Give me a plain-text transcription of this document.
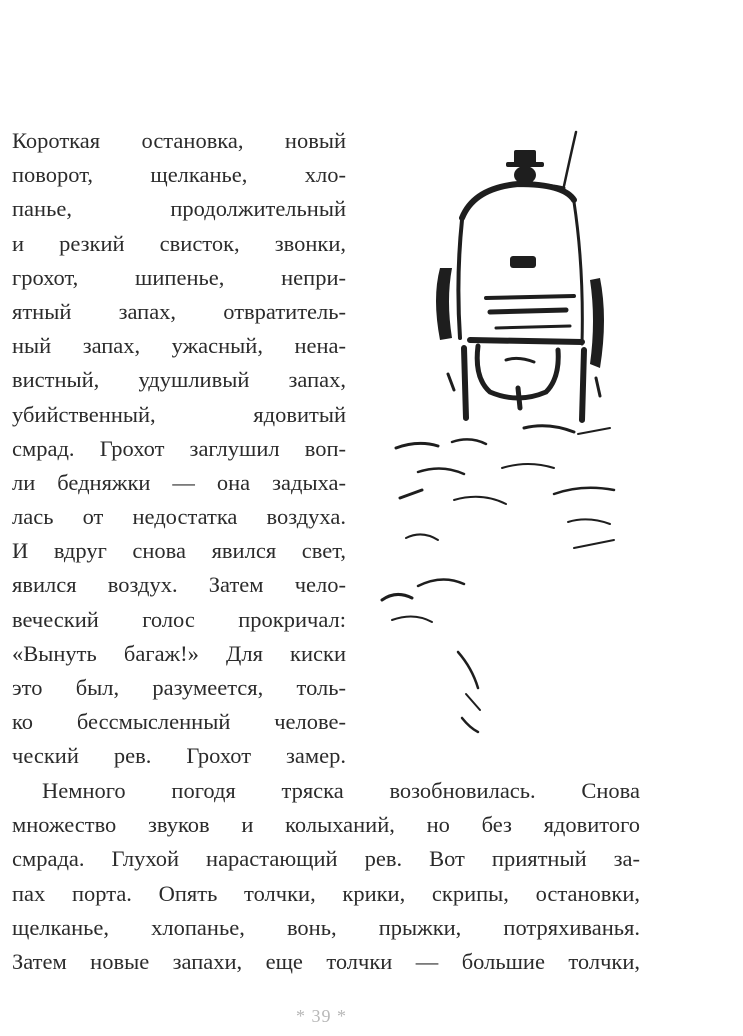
Короткая остановка, новый
поворот, щелканье, хло-
панье, продолжительный
и резкий свисток, звонки,
грохот, шипенье, непри-
ятный запах, отвратитель-
ный запах, ужасный, нена-
вистный, удушливый запах,
убийственный, ядовитый
смрад. Грохот заглушил воп-
ли бедняжки — она задыха-
лась от недостатка воздуха.
И вдруг снова явился свет,
явился воздух. Затем чело-
веческий голос прокричал:
«Вынуть багаж!» Для киски
это был, разумеется, толь-
ко бессмысленный челове-
ческий рев. Грохот замер.
Немного погодя тряска возобновилась. Снова
множество звуков и колыханий, но без ядовитого
смрада. Глухой нарастающий рев. Вот приятный за-
пах порта. Опять толчки, крики, скрипы, остановки,
щелканье, хлопанье, вонь, прыжки, потряхиванья.
Затем новые запахи, еще толчки — большие толчки,
* 39 *
